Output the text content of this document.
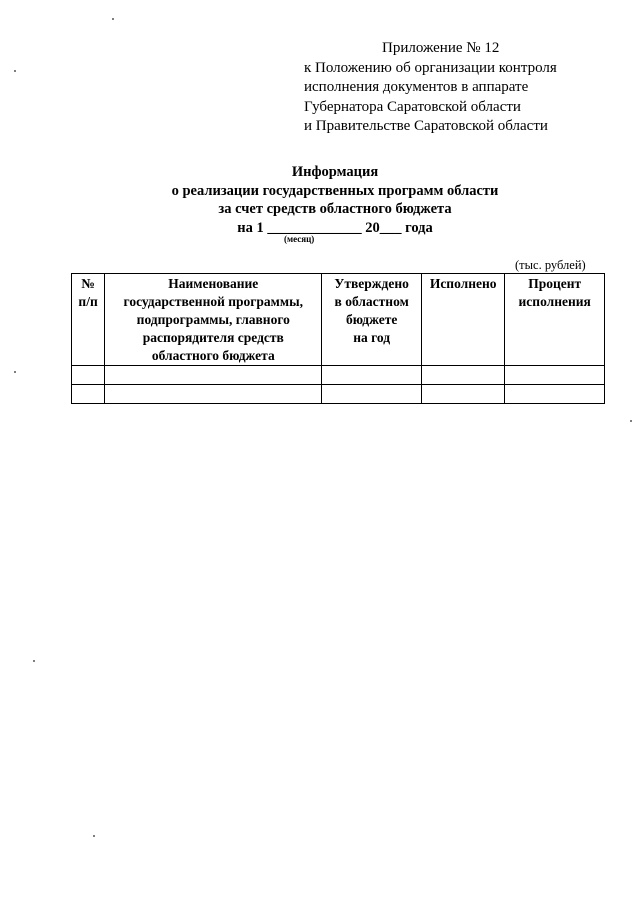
Приложение № 12
к Положению об организации контроля
исполнения документов в аппарате
Губернатора Саратовской области
и Правительстве Саратовской области
Информация
о реализации государственных программ области
за счет средств областного бюджета
на 1 _____________ 20___ года
(месяц)
(тыс. рублей)
№
п/п	Наименование
государственной программы,
подпрограммы, главного
распорядителя средств
областного бюджета	Утверждено
в областном
бюджете
на год	Исполнено	Процент
исполнения
